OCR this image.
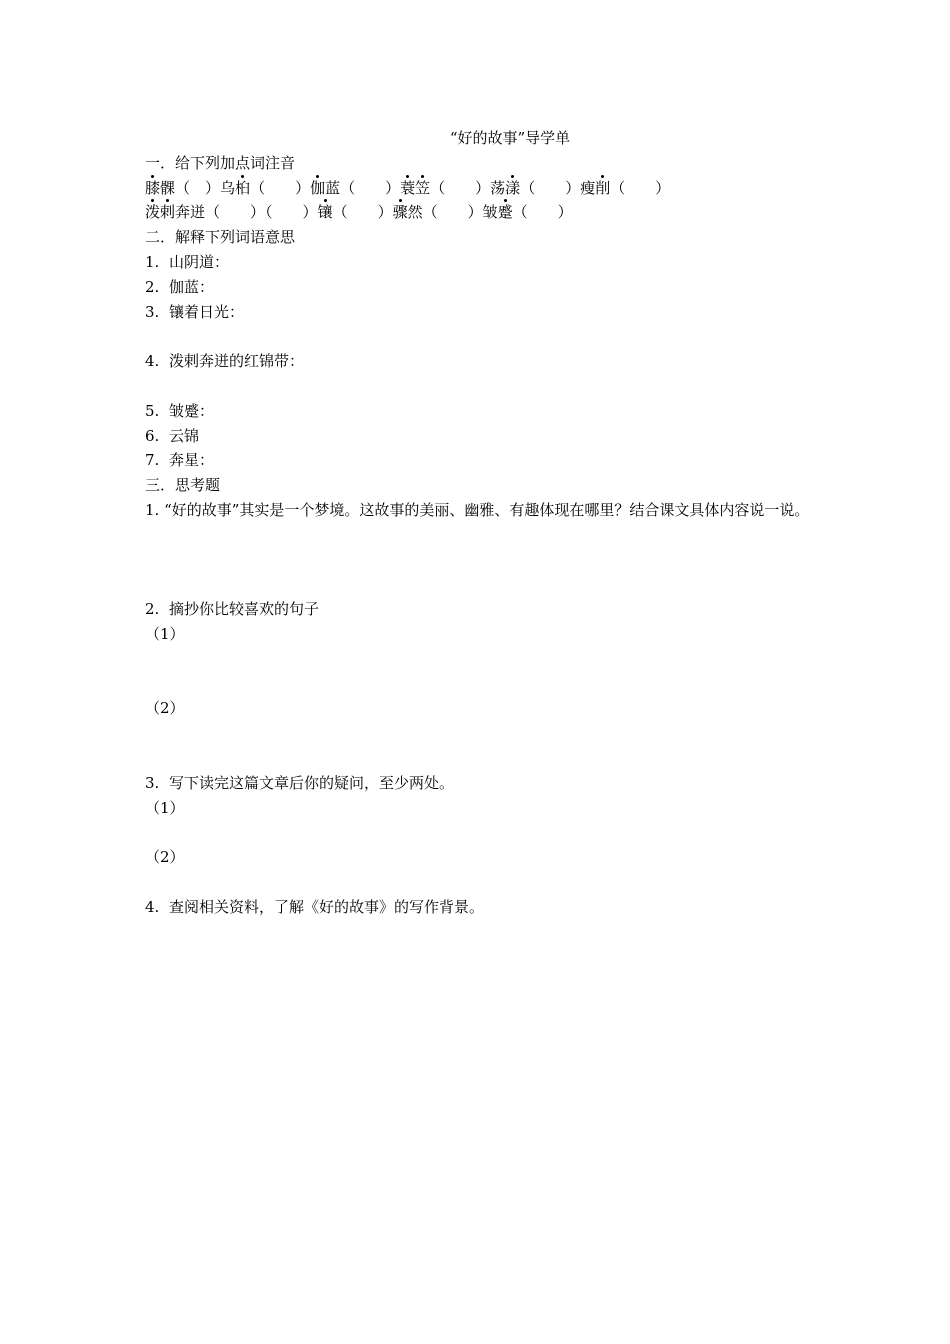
“好的故事”导学单
一．给下列加点词注音
膝髁（　）乌桕（　　）伽蓝（　　）蓑笠（　　）荡漾（　　）瘦削（　　）
泼剌奔迸（　　）（　　）镶（　　）骤然（　　）皱蹙（　　）
二．解释下列词语意思
1. 山阴道：
2. 伽蓝：
3. 镶着日光：
4. 泼剌奔迸的红锦带：
5. 皱蹙：
6. 云锦
7. 奔星：
三．思考题
1. “好的故事”其实是一个梦境。这故事的美丽、幽雅、有趣体现在哪里？结合课文具体内容说一说。
2. 摘抄你比较喜欢的句子
（1）
（2）
3. 写下读完这篇文章后你的疑问，至少两处。
（1）
（2）
4. 查阅相关资料，了解《好的故事》的写作背景。
